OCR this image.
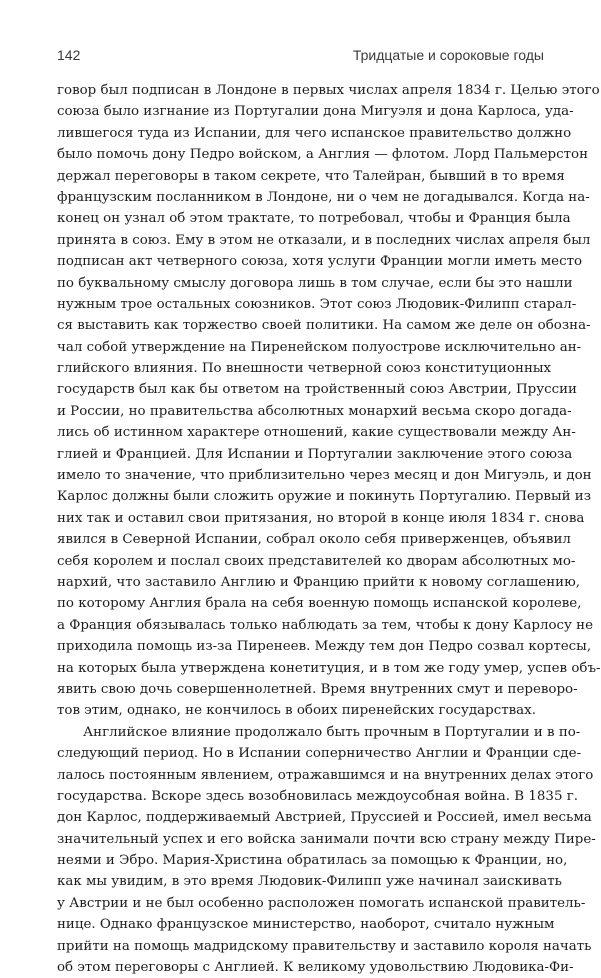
142	Тридцатые и сороковые годы
говор был подписан в Лондоне в первых числах апреля 1834 г. Целью этого
союза было изгнание из Португалии дона Мигуэля и дона Карлоса, уда-
лившегося туда из Испании, для чего испанское правительство должно
было помочь дону Педро войском, а Англия — флотом. Лорд Пальмерстон
держал переговоры в таком секрете, что Талейран, бывший в то время
французским посланником в Лондоне, ни о чем не догадывался. Когда на-
конец он узнал об этом трактате, то потребовал, чтобы и Франция была
принята в союз. Ему в этом не отказали, и в последних числах апреля был
подписан акт четверного союза, хотя услуги Франции могли иметь место
по буквальному смыслу договора лишь в том случае, если бы это нашли
нужным трое остальных союзников. Этот союз Людовик-Филипп старал-
ся выставить как торжество своей политики. На самом же деле он обозна-
чал собой утверждение на Пиренейском полуострове исключительно ан-
глийского влияния. По внешности четверной союз конституционных
государств был как бы ответом на тройственный союз Австрии, Пруссии
и России, но правительства абсолютных монархий весьма скоро догада-
лись об истинном характере отношений, какие существовали между Ан-
глией и Францией. Для Испании и Португалии заключение этого союза
имело то значение, что приблизительно через месяц и дон Мигуэль, и дон
Карлос должны были сложить оружие и покинуть Португалию. Первый из
них так и оставил свои притязания, но второй в конце июля 1834 г. снова
явился в Северной Испании, собрал около себя приверженцев, объявил
себя королем и послал своих представителей ко дворам абсолютных мо-
нархий, что заставило Англию и Францию прийти к новому соглашению,
по которому Англия брала на себя военную помощь испанской королеве,
а Франция обязывалась только наблюдать за тем, чтобы к дону Карлосу не
приходила помощь из-за Пиренеев. Между тем дон Педро созвал кортесы,
на которых была утверждена конетитуция, и в том же году умер, успев объ-
явить свою дочь совершеннолетней. Время внутренних смут и переворо-
тов этим, однако, не кончилось в обоих пиренейских государствах.
Английское влияние продолжало быть прочным в Португалии и в по-
следующий период. Но в Испании соперничество Англии и Франции сде-
лалось постоянным явлением, отражавшимся и на внутренних делах этого
государства. Вскоре здесь возобновилась междоусобная война. В 1835 г.
дон Карлос, поддерживаемый Австрией, Пруссией и Россией, имел весьма
значительный успех и его войска занимали почти всю страну между Пире-
неями и Эбро. Мария-Христина обратилась за помощью к Франции, но,
как мы увидим, в это время Людовик-Филипп уже начинал заискивать
у Австрии и не был особенно расположен помогать испанской правитель-
нице. Однако французское министерство, наоборот, считало нужным
прийти на помощь мадридскому правительству и заставило короля начать
об этом переговоры с Англией. К великому удовольствию Людовика-Фи-
